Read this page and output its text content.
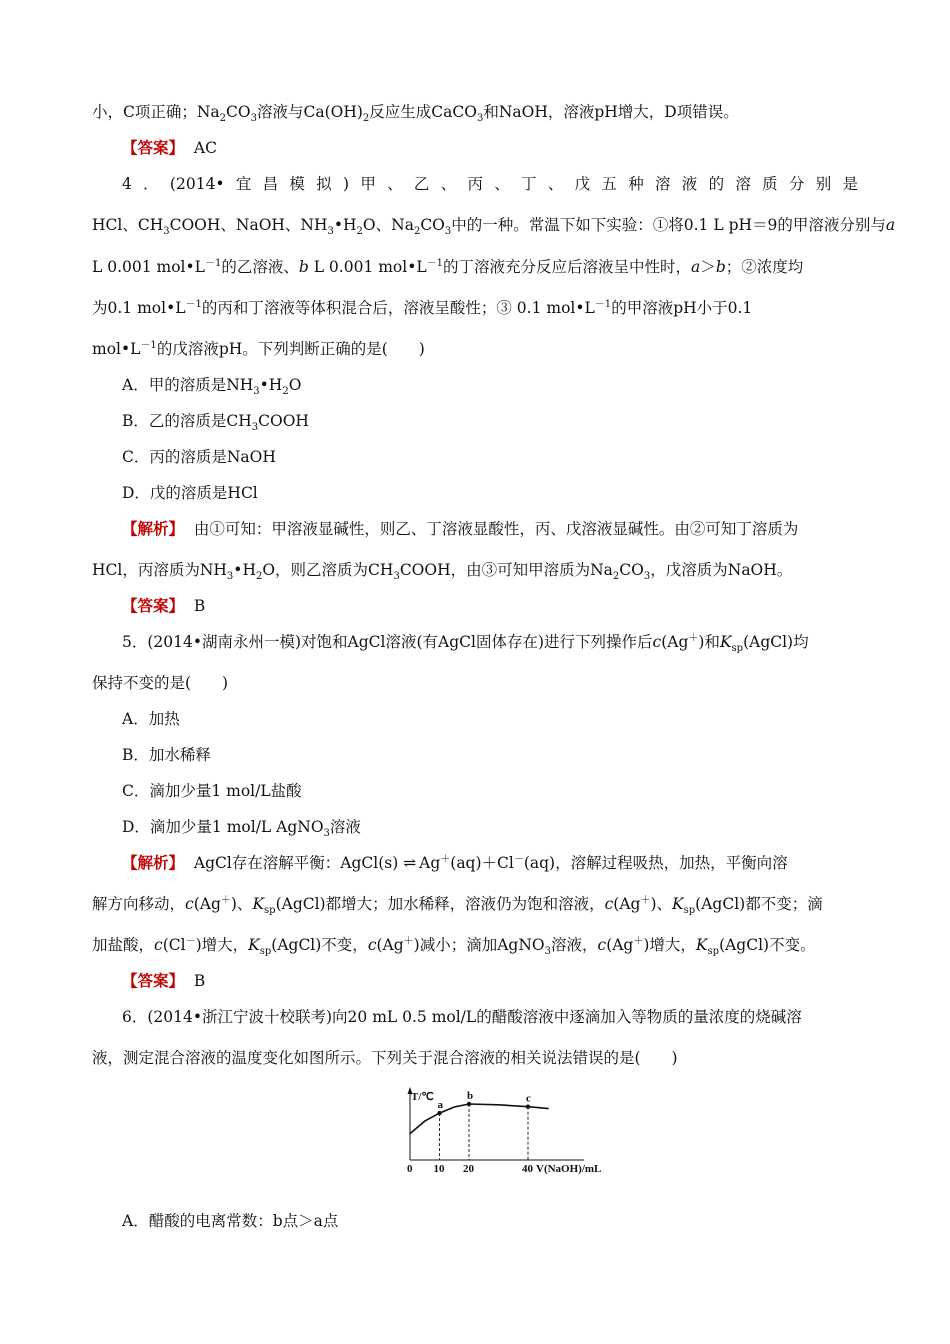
小，C项正确；$Na_2CO_3$溶液与$Ca(OH)_2$反应生成CaCO$_3$和NaOH，溶液pH增大，D项错误。
【答案】 AC
4．(2014•宜昌模拟)甲、乙、丙、丁、戊五种溶液的溶质分别是
HCl、$CH_3COOH$、NaOH、$NH_3•H_2O$、$Na_2CO_3$中的一种。常温下如下实验：①将0.1 L pH＝9的甲溶液分别与a
L 0.001 $mol•L^{-1}$的乙溶液、b L 0.001 $mol•L^{-1}$的丁溶液充分反应后溶液呈中性时，a＞b；②浓度均
为0.1 $mol•L^{-1}$的丙和丁溶液等体积混合后，溶液呈酸性；③ 0.1 $mol•L^{-1}$的甲溶液pH小于0.1
$mol•L^{-1}$的戊溶液pH。下列判断正确的是(　　)
A．甲的溶质是$NH_3•H_2O$
B．乙的溶质是$CH_3COOH$
C．丙的溶质是NaOH
D．戊的溶质是HCl
【解析】 由①可知：甲溶液显碱性，则乙、丁溶液显酸性，丙、戊溶液显碱性。由②可知丁溶质为
HCl，丙溶质为$NH_3•H_2O$，则乙溶质为$CH_3COOH$，由③可知甲溶质为$Na_2CO_3$，戊溶质为NaOH。
【答案】 B
5．(2014•湖南永州一模)对饱和AgCl溶液(有AgCl固体存在)进行下列操作后c(Ag＋)和$K_{sp}(AgCl)$均
保持不变的是(　　)
A．加热
B．加水稀释
C．滴加少量1 mol/L盐酸
D．滴加少量1 mol/L AgNO$_3$溶液
【解析】  AgCl存在溶解平衡：AgCl(s) ⇌ Ag＋(aq)＋Cl－(aq)，溶解过程吸热，加热，平衡向溶
解方向移动，c(Ag＋)、$K_{sp}(AgCl)$都增大；加水稀释，溶液仍为饱和溶液，c(Ag＋)、$K_{sp}(AgCl)$都不变；滴
加盐酸，c(Cl－)增大，$K_{sp}(AgCl)$不变，c(Ag＋)减小；滴加AgNO$_3$溶液，c(Ag＋)增大，$K_{sp}(AgCl)$不变。
【答案】 B
6．(2014•浙江宁波十校联考)向20 mL 0.5 mol/L的醋酸溶液中逐滴加入等物质的量浓度的烧碱溶
液，测定混合溶液的温度变化如图所示。下列关于混合溶液的相关说法错误的是(　　)
T/℃
V(NaOH)/mL
0 10 20	40
a
b	c
A．醋酸的电离常数：b点＞a点
